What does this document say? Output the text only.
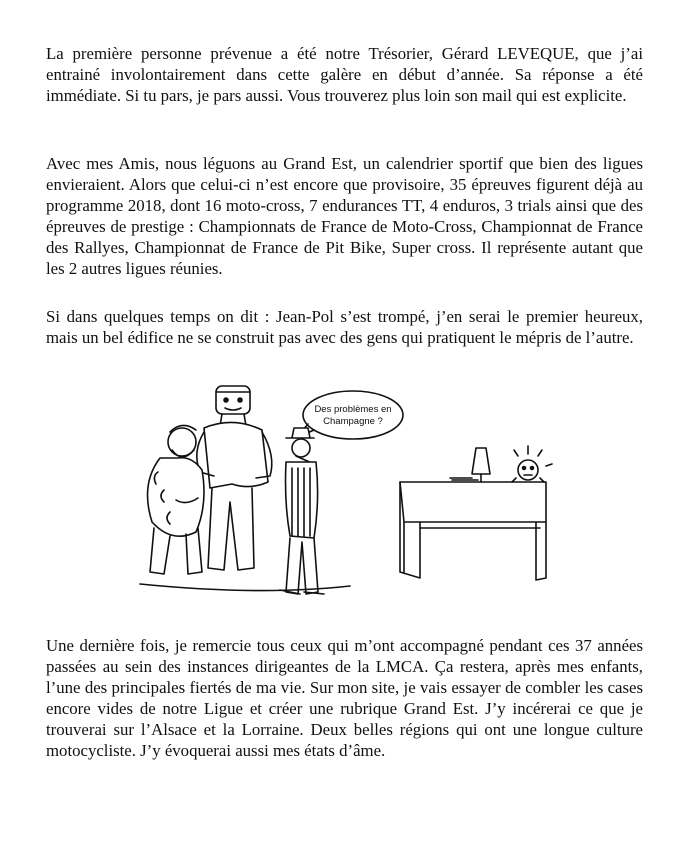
La première personne prévenue a été notre Trésorier, Gérard LEVEQUE, que j’ai entrainé involontairement dans cette galère en début d’année. Sa réponse a été immédiate. Si tu pars, je pars aussi. Vous trouverez plus loin son mail qui est explicite.

Avec mes Amis, nous léguons au Grand Est, un calendrier sportif que bien des ligues envieraient. Alors que celui-ci n’est encore que provisoire, 35 épreuves figurent déjà au programme 2018, dont 16 moto-cross, 7 endurances TT, 4 enduros, 3 trials ainsi que des épreuves de prestige : Championnats de France de Moto-Cross, Championnat de France des Rallyes, Championnat de France de Pit Bike, Super cross. Il représente autant que les 2 autres ligues réunies.

Si dans quelques temps on dit : Jean-Pol s’est trompé, j’en serai le premier heureux, mais un bel édifice ne se construit pas avec des gens qui pratiquent le mépris de l’autre.

Des problèmes en
Champagne ?

Une dernière fois, je remercie tous ceux qui m’ont accompagné pendant ces 37 années passées au sein des instances dirigeantes de la LMCA. Ça restera, après mes enfants, l’une des principales fiertés de ma vie. Sur mon site, je vais essayer de combler les cases encore vides de notre Ligue et créer une rubrique Grand Est. J’y incérerai ce que je trouverai sur l’Alsace et la Lorraine. Deux belles régions qui ont une longue culture motocycliste. J’y évoquerai aussi mes états d’âme.
